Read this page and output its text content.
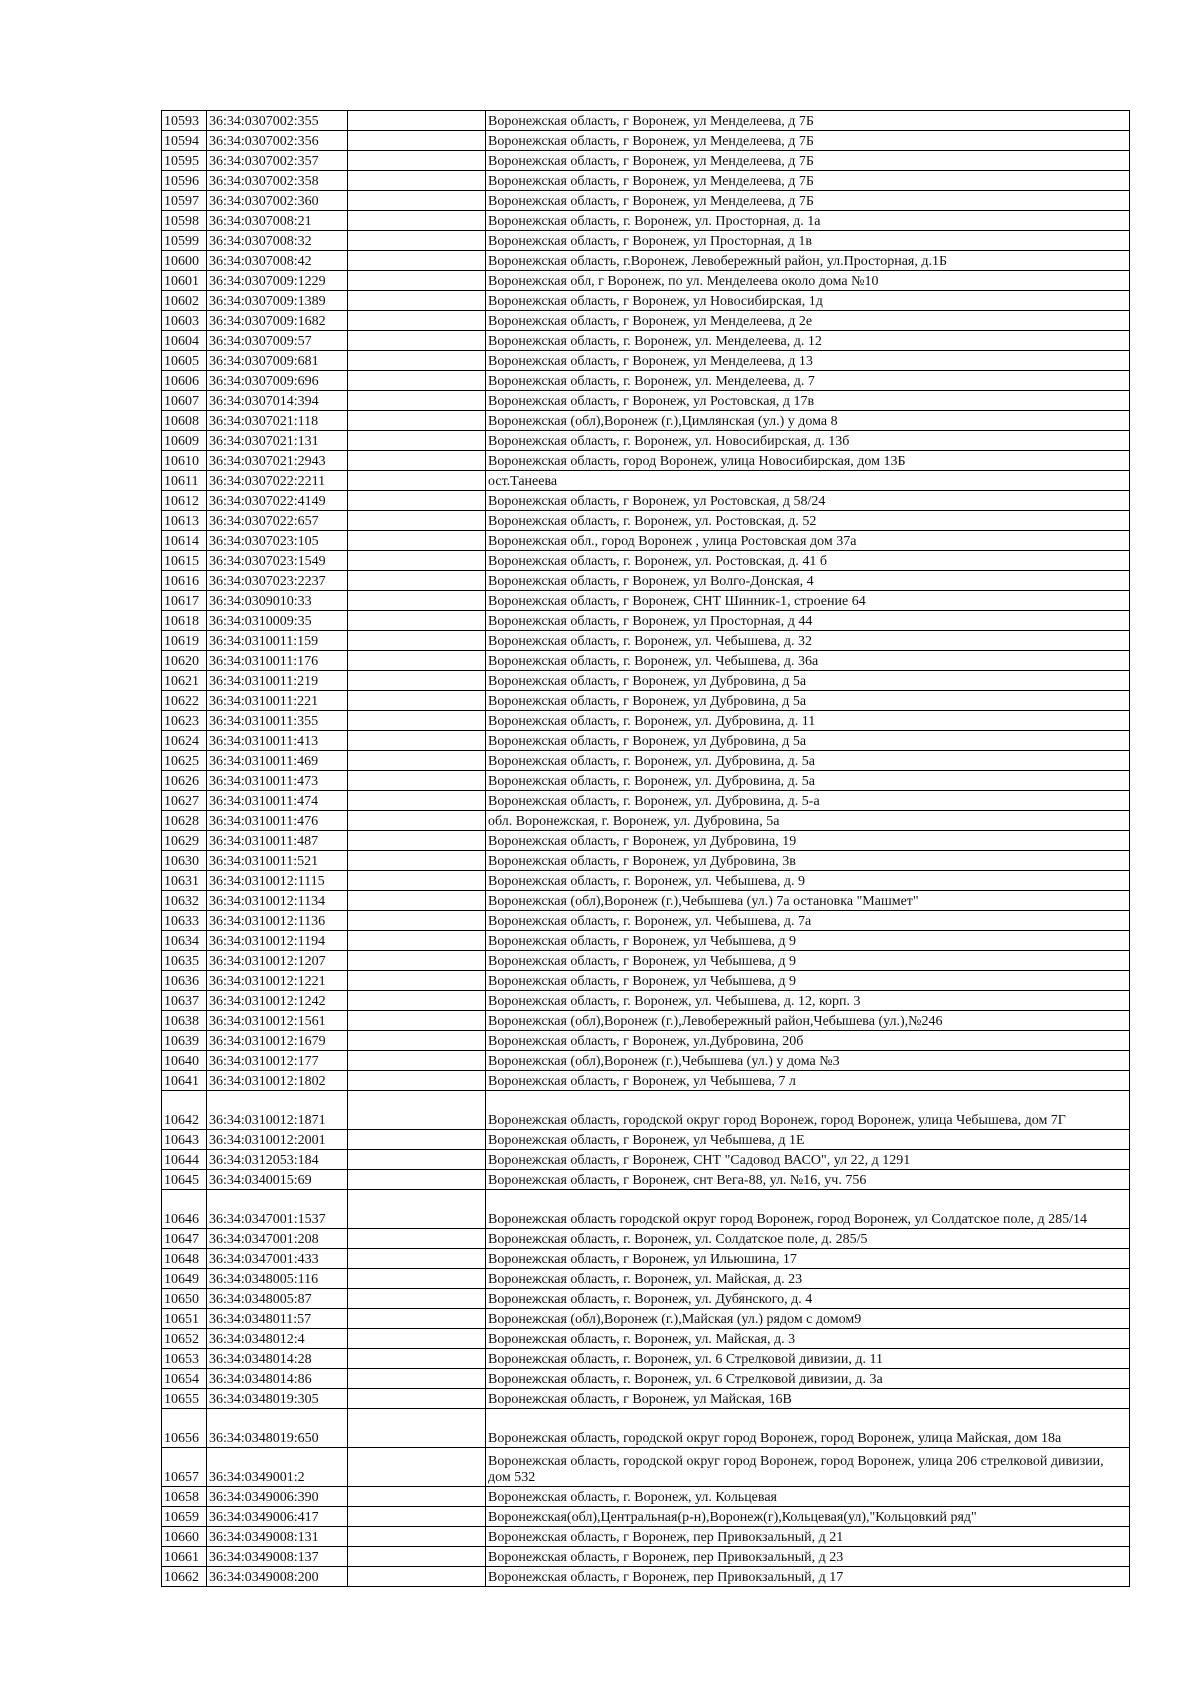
10593	36:34:0307002:355		Воронежская область, г Воронеж, ул Менделеева, д 7Б
10594	36:34:0307002:356		Воронежская область, г Воронеж, ул Менделеева, д 7Б
10595	36:34:0307002:357		Воронежская область, г Воронеж, ул Менделеева, д 7Б
10596	36:34:0307002:358		Воронежская область, г Воронеж, ул Менделеева, д 7Б
10597	36:34:0307002:360		Воронежская область, г Воронеж, ул Менделеева, д 7Б
10598	36:34:0307008:21		Воронежская область, г. Воронеж, ул. Просторная, д. 1а
10599	36:34:0307008:32		Воронежская область, г Воронеж, ул Просторная, д 1в
10600	36:34:0307008:42		Воронежская область, г.Воронеж, Левобережный район, ул.Просторная, д.1Б
10601	36:34:0307009:1229		Воронежская обл, г Воронеж, по ул. Менделеева около дома №10
10602	36:34:0307009:1389		Воронежская область, г Воронеж, ул Новосибирская, 1д
10603	36:34:0307009:1682		Воронежская область, г Воронеж, ул Менделеева, д 2е
10604	36:34:0307009:57		Воронежская область, г. Воронеж, ул. Менделеева, д. 12
10605	36:34:0307009:681		Воронежская область, г Воронеж, ул Менделеева, д 13
10606	36:34:0307009:696		Воронежская область, г. Воронеж, ул. Менделеева, д. 7
10607	36:34:0307014:394		Воронежская область, г Воронеж, ул Ростовская, д 17в
10608	36:34:0307021:118		Воронежская (обл),Воронеж (г.),Цимлянская (ул.) у дома 8
10609	36:34:0307021:131		Воронежская область, г. Воронеж, ул. Новосибирская, д. 13б
10610	36:34:0307021:2943		Воронежская область, город Воронеж, улица Новосибирская, дом 13Б
10611	36:34:0307022:2211		ост.Танеева
10612	36:34:0307022:4149		Воронежская область, г Воронеж, ул Ростовская, д 58/24
10613	36:34:0307022:657		Воронежская область, г. Воронеж, ул. Ростовская, д. 52
10614	36:34:0307023:105		Воронежская обл., город Воронеж , улица Ростовская дом 37а
10615	36:34:0307023:1549		Воронежская область, г. Воронеж, ул. Ростовская, д. 41 б
10616	36:34:0307023:2237		Воронежская область, г Воронеж, ул Волго-Донская, 4
10617	36:34:0309010:33		Воронежская область, г Воронеж, СНТ Шинник-1, строение 64
10618	36:34:0310009:35		Воронежская область, г Воронеж, ул Просторная, д 44
10619	36:34:0310011:159		Воронежская область, г. Воронеж, ул. Чебышева, д. 32
10620	36:34:0310011:176		Воронежская область, г. Воронеж, ул. Чебышева, д. 36а
10621	36:34:0310011:219		Воронежская область, г Воронеж, ул Дубровина, д 5а
10622	36:34:0310011:221		Воронежская область, г Воронеж, ул Дубровина, д 5а
10623	36:34:0310011:355		Воронежская область, г. Воронеж, ул. Дубровина, д. 11
10624	36:34:0310011:413		Воронежская область, г Воронеж, ул Дубровина, д 5а
10625	36:34:0310011:469		Воронежская область, г. Воронеж, ул. Дубровина, д. 5а
10626	36:34:0310011:473		Воронежская область, г. Воронеж, ул. Дубровина, д. 5а
10627	36:34:0310011:474		Воронежская область, г. Воронеж, ул. Дубровина, д. 5-а
10628	36:34:0310011:476		обл. Воронежская, г. Воронеж, ул. Дубровина, 5а
10629	36:34:0310011:487		Воронежская область, г Воронеж, ул Дубровина, 19
10630	36:34:0310011:521		Воронежская область, г Воронеж, ул Дубровина, 3в
10631	36:34:0310012:1115		Воронежская область, г. Воронеж, ул. Чебышева, д. 9
10632	36:34:0310012:1134		Воронежская (обл),Воронеж (г.),Чебышева (ул.) 7а остановка "Машмет"
10633	36:34:0310012:1136		Воронежская область, г. Воронеж, ул. Чебышева, д. 7а
10634	36:34:0310012:1194		Воронежская область, г Воронеж, ул Чебышева, д 9
10635	36:34:0310012:1207		Воронежская область, г Воронеж, ул Чебышева, д 9
10636	36:34:0310012:1221		Воронежская область, г Воронеж, ул Чебышева, д 9
10637	36:34:0310012:1242		Воронежская область, г. Воронеж, ул. Чебышева, д. 12, корп. 3
10638	36:34:0310012:1561		Воронежская (обл),Воронеж (г.),Левобережный район,Чебышева (ул.),№246
10639	36:34:0310012:1679		Воронежская область, г Воронеж, ул.Дубровина, 20б
10640	36:34:0310012:177		Воронежская (обл),Воронеж (г.),Чебышева (ул.) у дома №3
10641	36:34:0310012:1802		Воронежская область, г Воронеж, ул Чебышева, 7 л
10642	36:34:0310012:1871		Воронежская область, городской округ город Воронеж, город Воронеж, улица Чебышева, дом 7Г
10643	36:34:0310012:2001		Воронежская область, г Воронеж, ул Чебышева, д 1Е
10644	36:34:0312053:184		Воронежская область, г Воронеж, СНТ "Садовод ВАСО", ул 22, д 1291
10645	36:34:0340015:69		Воронежская область, г Воронеж, снт Вега-88, ул. №16, уч. 756
10646	36:34:0347001:1537		Воронежская область городской округ город Воронеж, город Воронеж, ул Солдатское поле, д 285/14
10647	36:34:0347001:208		Воронежская область, г. Воронеж, ул. Солдатское поле, д. 285/5
10648	36:34:0347001:433		Воронежская область, г Воронеж, ул Ильюшина, 17
10649	36:34:0348005:116		Воронежская область, г. Воронеж, ул. Майская, д. 23
10650	36:34:0348005:87		Воронежская область, г. Воронеж, ул. Дубянского, д. 4
10651	36:34:0348011:57		Воронежская (обл),Воронеж (г.),Майская (ул.) рядом с домом9
10652	36:34:0348012:4		Воронежская область, г. Воронеж, ул. Майская, д. 3
10653	36:34:0348014:28		Воронежская область, г. Воронеж, ул. 6 Стрелковой дивизии, д. 11
10654	36:34:0348014:86		Воронежская область, г. Воронеж, ул. 6 Стрелковой дивизии, д. 3а
10655	36:34:0348019:305		Воронежская область, г Воронеж, ул Майская, 16В
10656	36:34:0348019:650		Воронежская область, городской округ город Воронеж, город Воронеж, улица Майская, дом 18а
10657	36:34:0349001:2		Воронежская область, городской округ город Воронеж, город Воронеж, улица 206 стрелковой дивизии, дом 532
10658	36:34:0349006:390		Воронежская область, г. Воронеж, ул. Кольцевая
10659	36:34:0349006:417		Воронежская(обл),Центральная(р-н),Воронеж(г),Кольцевая(ул),"Кольцовкий ряд"
10660	36:34:0349008:131		Воронежская область, г Воронеж, пер Привокзальный, д 21
10661	36:34:0349008:137		Воронежская область, г Воронеж, пер Привокзальный, д 23
10662	36:34:0349008:200		Воронежская область, г Воронеж, пер Привокзальный, д 17
